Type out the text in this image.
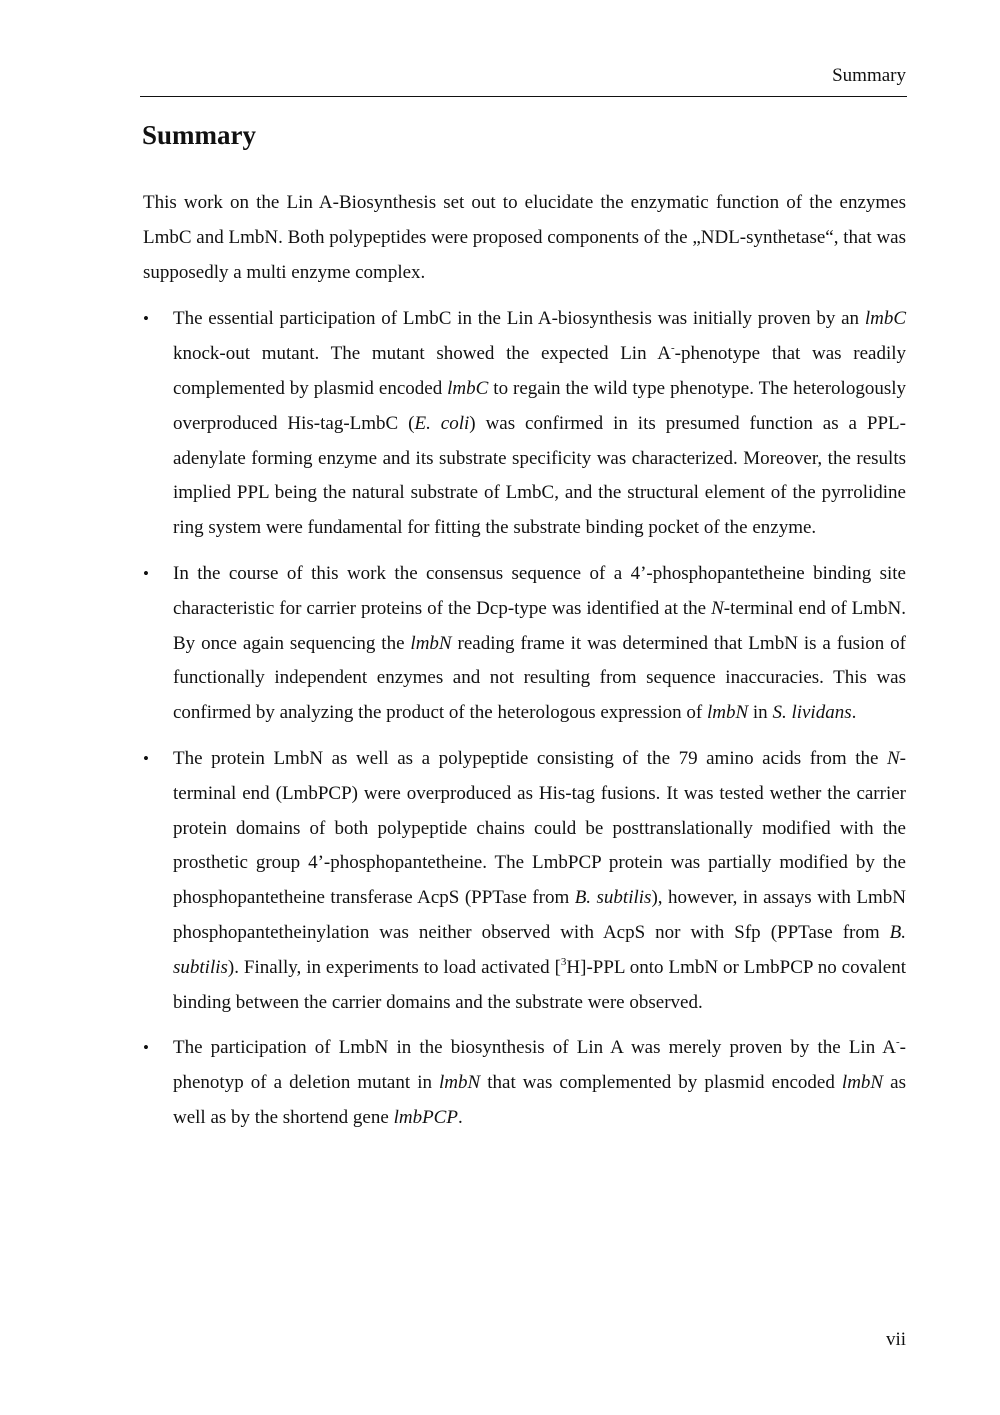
Summary
Summary

This work on the Lin A-Biosynthesis set out to elucidate the enzymatic function of the enzymes LmbC and LmbN. Both polypeptides were proposed components of the „NDL-synthetase“, that was supposedly a multi enzyme complex.

• The essential participation of LmbC in the Lin A-biosynthesis was initially proven by an lmbC knock-out mutant. The mutant showed the expected Lin A--phenotype that was readily complemented by plasmid encoded lmbC to regain the wild type phenotype. The heterologously overproduced His-tag-LmbC (E. coli) was confirmed in its presumed function as a PPL-adenylate forming enzyme and its substrate specificity was characterized. Moreover, the results implied PPL being the natural substrate of LmbC, and the structural element of the pyrrolidine ring system were fundamental for fitting the substrate binding pocket of the enzyme.
• In the course of this work the consensus sequence of a 4’-phosphopantetheine binding site characteristic for carrier proteins of the Dcp-type was identified at the N-terminal end of LmbN. By once again sequencing the lmbN reading frame it was determined that LmbN is a fusion of functionally independent enzymes and not resulting from sequence inaccuracies. This was confirmed by analyzing the product of the heterologous expression of lmbN in S. lividans.
• The protein LmbN as well as a polypeptide consisting of the 79 amino acids from the N-terminal end (LmbPCP) were overproduced as His-tag fusions. It was tested wether the carrier protein domains of both polypeptide chains could be posttranslationally modified with the prosthetic group 4’-phosphopantetheine. The LmbPCP protein was partially modified by the phosphopantetheine transferase AcpS (PPTase from B. subtilis), however, in assays with LmbN phosphopantetheinylation was neither observed with AcpS nor with Sfp (PPTase from B. subtilis). Finally, in experiments to load activated [$^3$H]-PPL onto LmbN or LmbPCP no covalent binding between the carrier domains and the substrate were observed.
• The participation of LmbN in the biosynthesis of Lin A was merely proven by the Lin A--phenotyp of a deletion mutant in lmbN that was complemented by plasmid encoded lmbN as well as by the shortend gene lmbPCP.
vii
